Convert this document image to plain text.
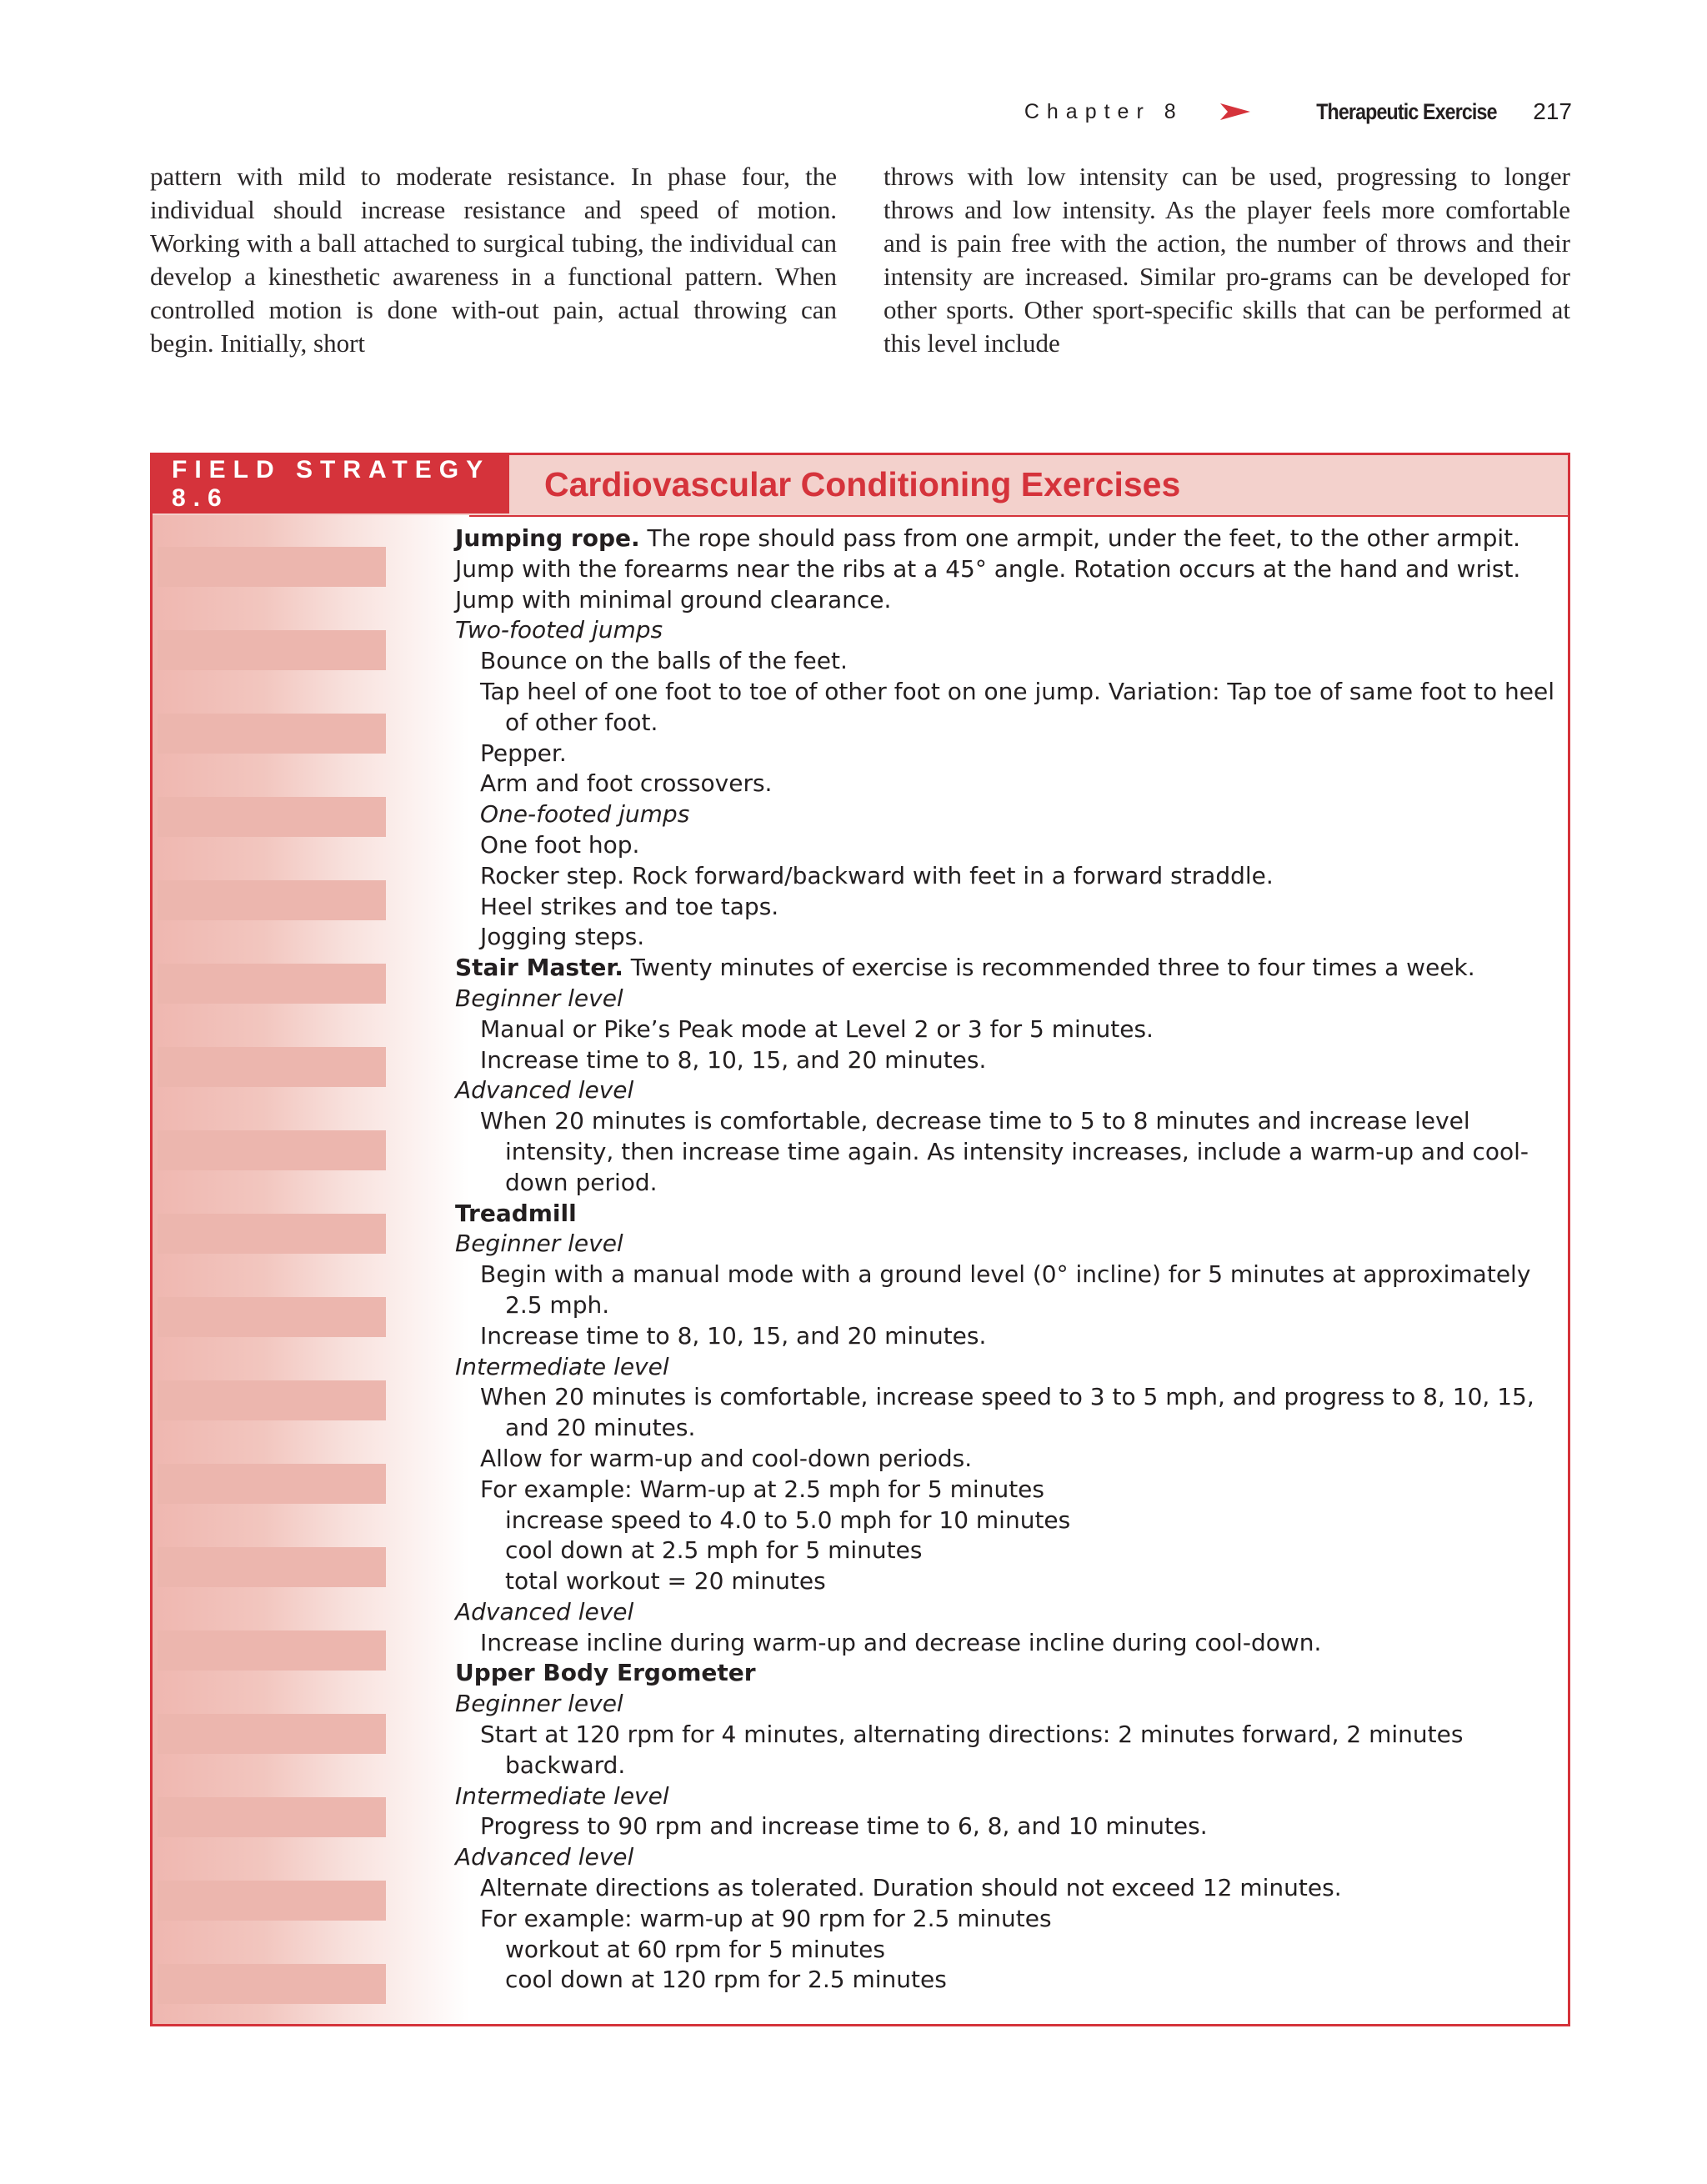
Chapter 8	Therapeutic Exercise 217

pattern with mild to moderate resistance. In phase four, the individual should increase resistance and speed of motion. Working with a ball attached to surgical tubing, the individual can develop a kinesthetic awareness in a functional pattern. When controlled motion is done with-out pain, actual throwing can begin. Initially, short

throws with low intensity can be used, progressing to longer throws and low intensity. As the player feels more comfortable and is pain free with the action, the number of throws and their intensity are increased. Similar pro-grams can be developed for other sports. Other sport-specific skills that can be performed at this level include

FIELD STRATEGY 8.6	Cardiovascular Conditioning Exercises

Jumping rope. The rope should pass from one armpit, under the feet, to the other armpit. Jump with the forearms near the ribs at a 45° angle. Rotation occurs at the hand and wrist. Jump with minimal ground clearance.

Two-footed jumps

Bounce on the balls of the feet.

Tap heel of one foot to toe of other foot on one jump. Variation: Tap toe of same foot to heel of other foot.

Pepper.

Arm and foot crossovers.

One-footed jumps

One foot hop.

Rocker step. Rock forward/backward with feet in a forward straddle.

Heel strikes and toe taps.

Jogging steps.

Stair Master. Twenty minutes of exercise is recommended three to four times a week.

Beginner level

Manual or Pike’s Peak mode at Level 2 or 3 for 5 minutes.

Increase time to 8, 10, 15, and 20 minutes.

Advanced level

When 20 minutes is comfortable, decrease time to 5 to 8 minutes and increase level intensity, then increase time again. As intensity increases, include a warm-up and cool-down period.

Treadmill

Beginner level

Begin with a manual mode with a ground level (0° incline) for 5 minutes at approximately 2.5 mph.

Increase time to 8, 10, 15, and 20 minutes.

Intermediate level

When 20 minutes is comfortable, increase speed to 3 to 5 mph, and progress to 8, 10, 15, and 20 minutes.

Allow for warm-up and cool-down periods.

For example: Warm-up at 2.5 mph for 5 minutes

increase speed to 4.0 to 5.0 mph for 10 minutes

cool down at 2.5 mph for 5 minutes

total workout = 20 minutes

Advanced level

Increase incline during warm-up and decrease incline during cool-down.

Upper Body Ergometer

Beginner level

Start at 120 rpm for 4 minutes, alternating directions: 2 minutes forward, 2 minutes backward.

Intermediate level

Progress to 90 rpm and increase time to 6, 8, and 10 minutes.

Advanced level

Alternate directions as tolerated. Duration should not exceed 12 minutes.

For example: warm-up at 90 rpm for 2.5 minutes

workout at 60 rpm for 5 minutes

cool down at 120 rpm for 2.5 minutes
